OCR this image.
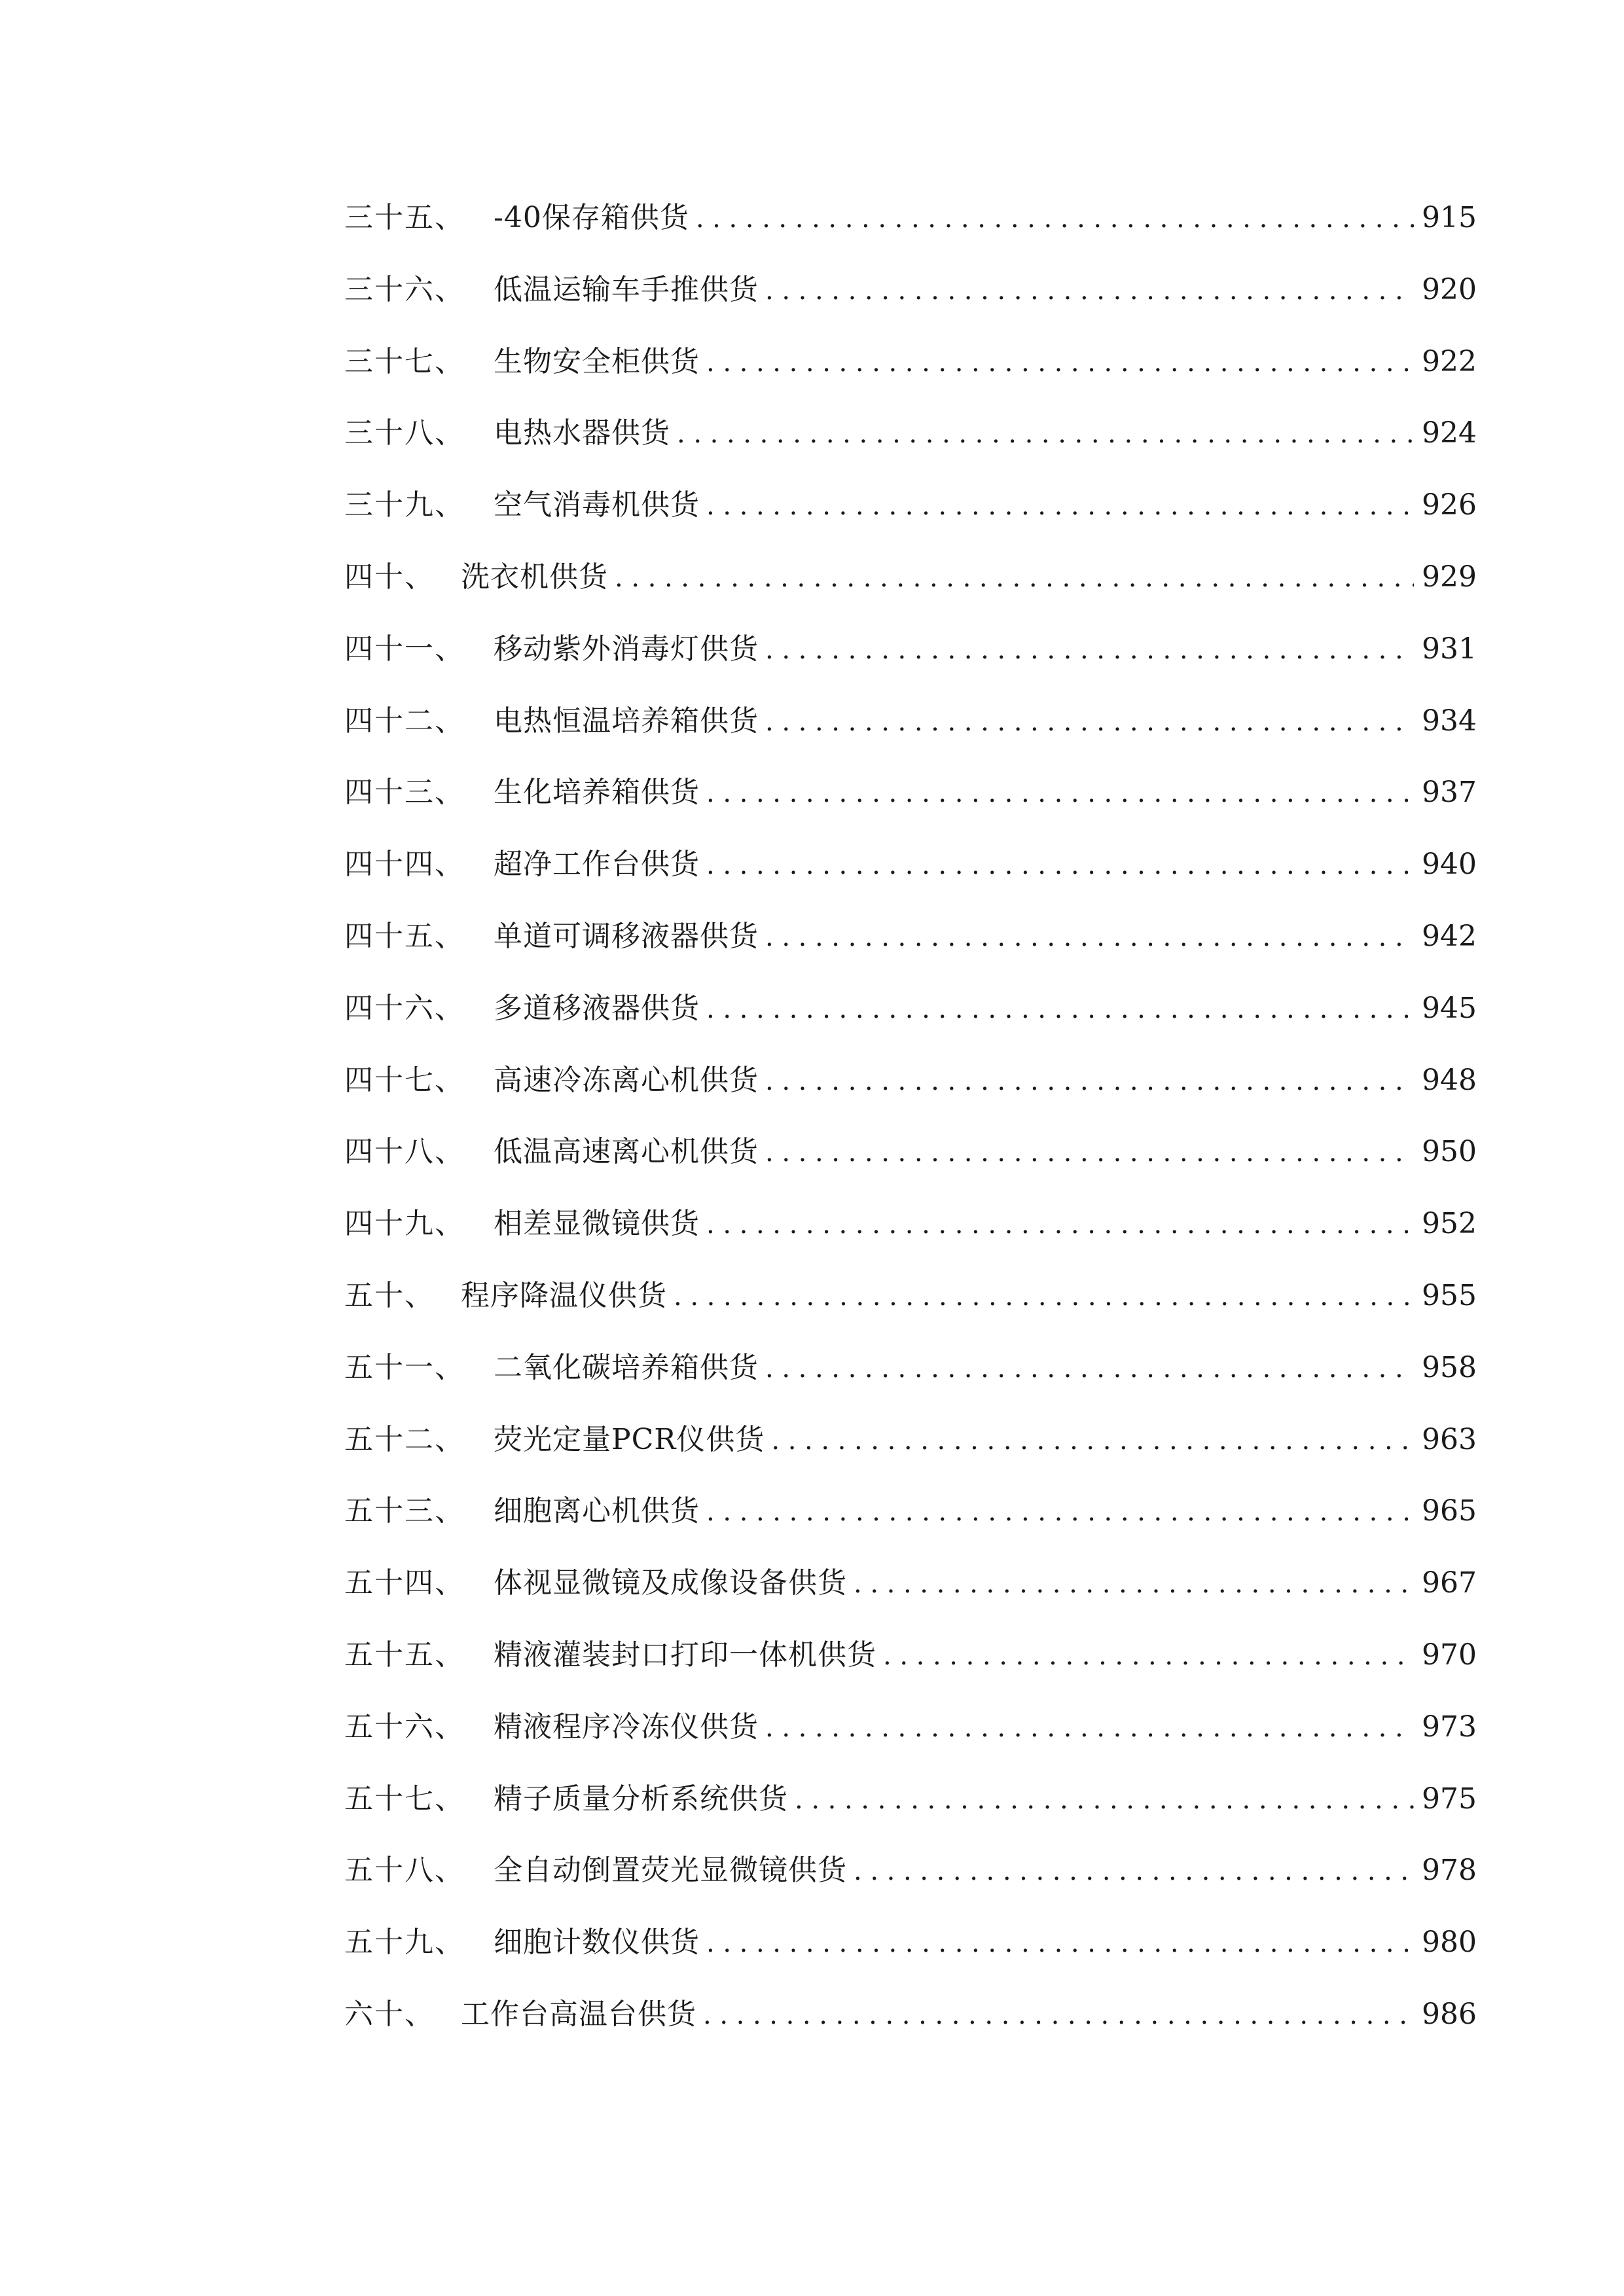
三十五、	-40保存箱供货 .....	915
三十六、	低温运输车手推供货 .....	920
三十七、	生物安全柜供货 .....	922
三十八、	电热水器供货 .....	924
三十九、	空气消毒机供货 .....	926
四十、 洗衣机供货 .....	929
四十一、	移动紫外消毒灯供货 .....	931
四十二、	电热恒温培养箱供货 .....	934
四十三、	生化培养箱供货 .....	937
四十四、	超净工作台供货 .....	940
四十五、	单道可调移液器供货 .....	942
四十六、	多道移液器供货 .....	945
四十七、	高速冷冻离心机供货 .....	948
四十八、	低温高速离心机供货 .....	950
四十九、	相差显微镜供货 .....	952
五十、 程序降温仪供货 .....	955
五十一、	二氧化碳培养箱供货 .....	958
五十二、	荧光定量PCR仪供货 .....	963
五十三、	细胞离心机供货 .....	965
五十四、	体视显微镜及成像设备供货 .....	967
五十五、	精液灌装封口打印一体机供货 .....	970
五十六、	精液程序冷冻仪供货 .....	973
五十七、	精子质量分析系统供货 .....	975
五十八、	全自动倒置荧光显微镜供货 .....	978
五十九、	细胞计数仪供货 .....	980
六十、 工作台高温台供货 .....	986
